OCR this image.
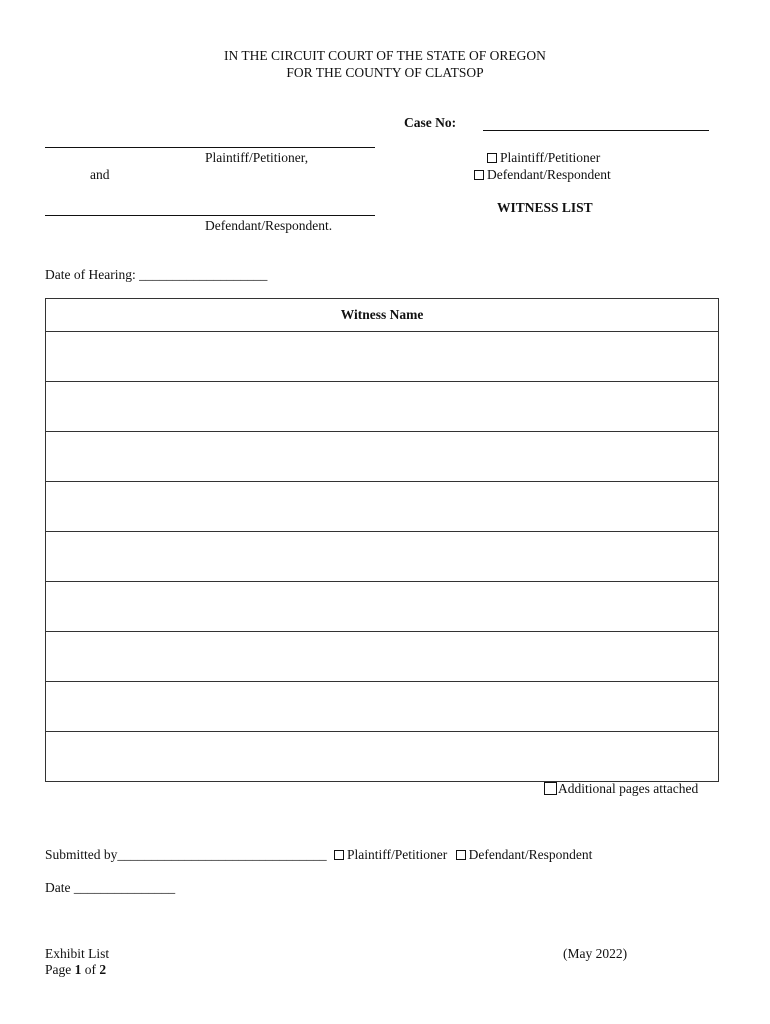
IN THE CIRCUIT COURT OF THE STATE OF OREGON
FOR THE COUNTY OF CLATSOP
Case No:
Plaintiff/Petitioner,
and
Defendant/Respondent.
Plaintiff/Petitioner
Defendant/Respondent
WITNESS LIST
Date of Hearing: ___________________
Witness Name

Additional pages attached
Submitted by_______________________________ Plaintiff/Petitioner Defendant/Respondent
Date _______________
Exhibit List
Page 1 of 2
(May 2022)
